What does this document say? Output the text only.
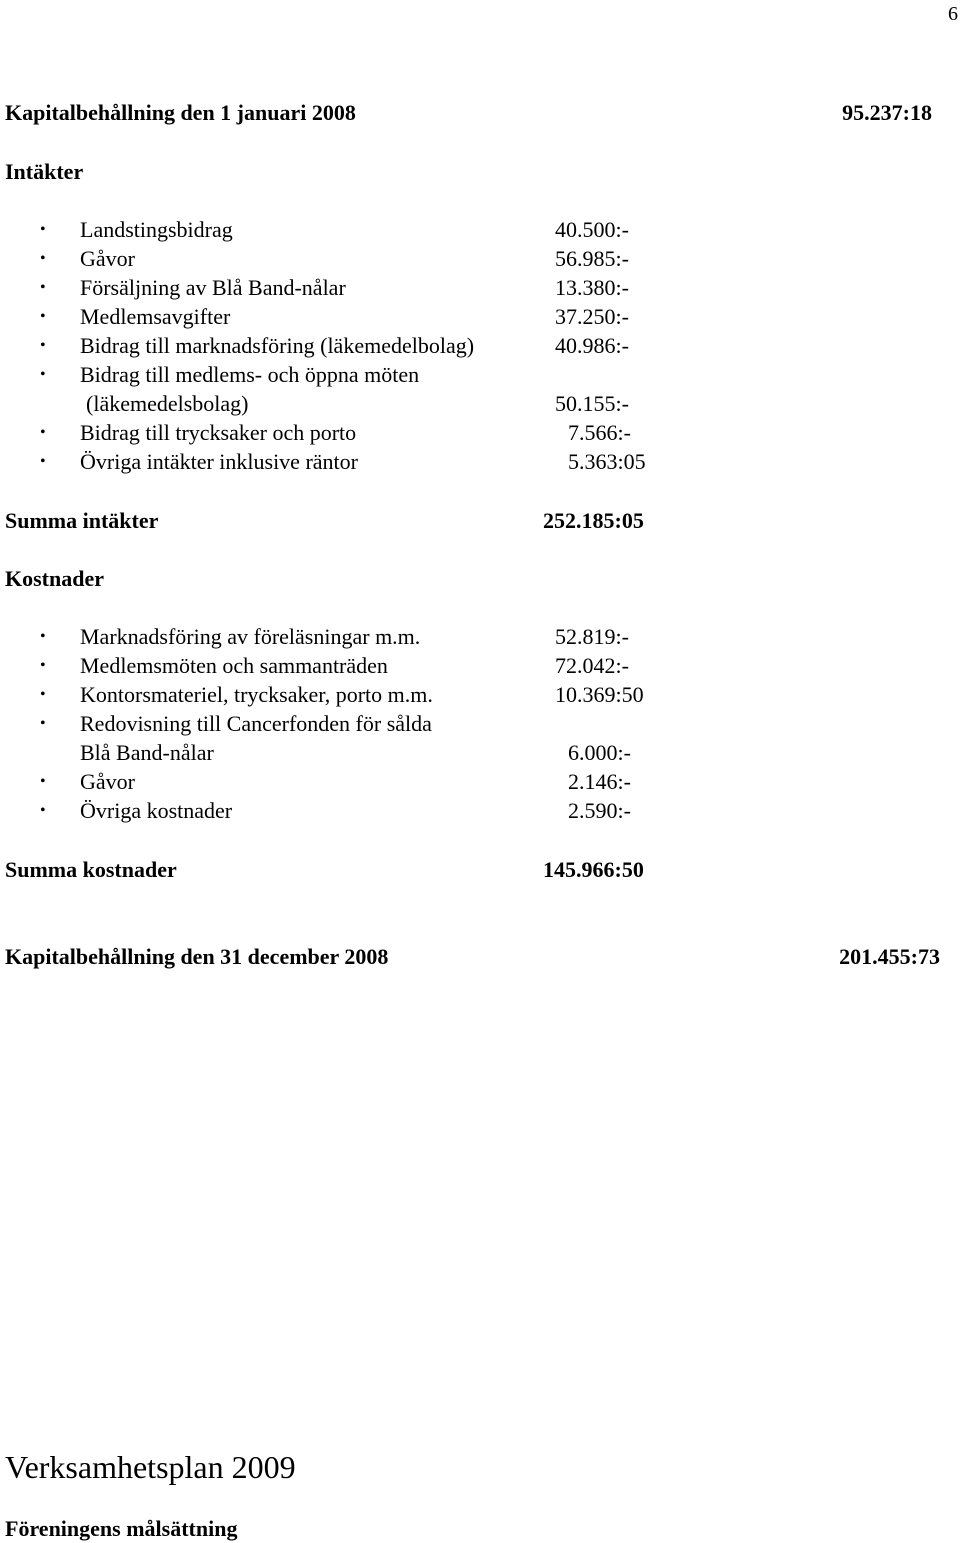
6
Kapitalbehållning den 1 januari 2008	95.237:18
Intäkter
• Landstingsbidrag	40.500:-
• Gåvor	56.985:-
• Försäljning av Blå Band-nålar	13.380:-
• Medlemsavgifter	37.250:-
• Bidrag till marknadsföring (läkemedelbolag)	40.986:-
• Bidrag till medlems- och öppna möten
(läkemedelsbolag)	50.155:-
• Bidrag till trycksaker och porto	7.566:-
• Övriga intäkter inklusive räntor	5.363:05
Summa intäkter	252.185:05
Kostnader
• Marknadsföring av föreläsningar m.m.	52.819:-
• Medlemsmöten och sammanträden	72.042:-
• Kontorsmateriel, trycksaker, porto m.m.	10.369:50
• Redovisning till Cancerfonden för sålda
Blå Band-nålar	6.000:-
• Gåvor	2.146:-
• Övriga kostnader	2.590:-
Summa kostnader	145.966:50
Kapitalbehållning den 31 december 2008	201.455:73
Verksamhetsplan 2009
Föreningens målsättning
